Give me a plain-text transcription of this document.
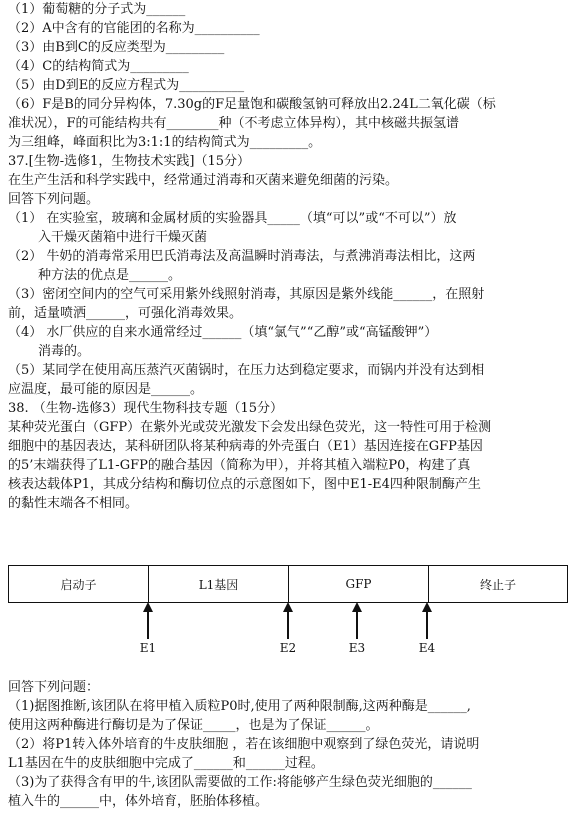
（1）葡萄糖的分子式为______
（2）A中含有的官能团的名称为__________
（3）由B到C的反应类型为_________
（4）C的结构简式为_________
（5）由D到E的反应方程式为__________
（6）F是B的同分异构体，7.30g的F足量饱和碳酸氢钠可释放出2.24L二氧化碳（标
准状况），F的可能结构共有________种（不考虑立体异构），其中核磁共振氢谱
为三组峰，峰面积比为3:1:1的结构简式为_________。
37.[生物-选修1，生物技术实践]（15分）
在生产生活和科学实践中，经常通过消毒和灭菌来避免细菌的污染。
回答下列问题。
（1） 在实验室，玻璃和金属材质的实验器具_____（填“可以”或“不可以”）放
入干燥灭菌箱中进行干燥灭菌
（2） 牛奶的消毒常采用巴氏消毒法及高温瞬时消毒法，与煮沸消毒法相比，这两
种方法的优点是______。
（3）密闭空间内的空气可采用紫外线照射消毒，其原因是紫外线能______，在照射
前，适量喷洒______，可强化消毒效果。
（4） 水厂供应的自来水通常经过______（填“氯气”“乙醇”或“高锰酸钾”）
消毒的。
（5）某同学在使用高压蒸汽灭菌锅时，在压力达到稳定要求，而锅内并没有达到相
应温度，最可能的原因是______。
38. （生物-选修3）现代生物科技专题（15分）
某种荧光蛋白（GFP）在紫外光或荧光激发下会发出绿色荧光，这一特性可用于检测
细胞中的基因表达，某科研团队将某种病毒的外壳蛋白（E1）基因连接在GFP基因
的5’末端获得了L1-GFP的融合基因（简称为甲），并将其植入端粒P0，构建了真
核表达载体P1，其成分结构和酶切位点的示意图如下，图中E1-E4四种限制酶产生
的黏性末端各不相同。
启动子	L1基因	GFP	终止子
E1	E2	E3	E4
回答下列问题：
（1)据图推断,该团队在将甲植入质粒P0时,使用了两种限制酶,这两种酶是______,
使用这两种酶进行酶切是为了保证_____，也是为了保证______。
（2）将P1转入体外培育的牛皮肤细胞 ，若在该细胞中观察到了绿色荧光，请说明
L1基因在牛的皮肤细胞中完成了______和______过程。
（3)为了获得含有甲的牛,该团队需要做的工作:将能够产生绿色荧光细胞的______
植入牛的______中，体外培育，胚胎体移植。
